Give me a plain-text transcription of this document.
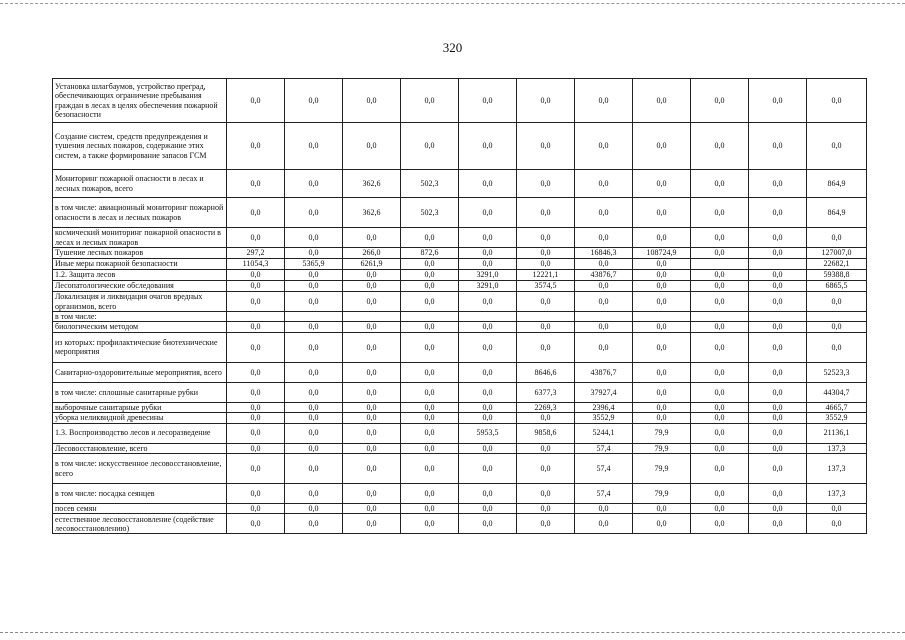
320
Установка шлагбаумов, устройство преград, обеспечивающих ограничение пребывания граждан в лесах в целях обеспечения пожарной безопасности	0,0	0,0	0,0	0,0	0,0	0,0	0,0	0,0	0,0	0,0	0,0
Создание систем, средств предупреждения и тушения лесных пожаров, содержание этих систем, а также формирование запасов ГСМ	0,0	0,0	0,0	0,0	0,0	0,0	0,0	0,0	0,0	0,0	0,0
Мониторинг пожарной опасности в лесах и лесных пожаров, всего	0,0	0,0	362,6	502,3	0,0	0,0	0,0	0,0	0,0	0,0	864,9
в том числе: авиационный мониторинг пожарной опасности в лесах и лесных пожаров	0,0	0,0	362,6	502,3	0,0	0,0	0,0	0,0	0,0	0,0	864,9
космический мониторинг пожарной опасности в лесах и лесных пожаров	0,0	0,0	0,0	0,0	0,0	0,0	0,0	0,0	0,0	0,0	0,0
Тушение лесных пожаров	297,2	0,0	266,0	872,6	0,0	0,0	16846,3	108724,9	0,0	0,0	127007,0
Иные меры пожарной безопасности	11054,3	5365,9	6261,9	0,0	0,0	0,0	0,0	0,0			22682,1
1.2. Защита лесов	0,0	0,0	0,0	0,0	3291,0	12221,1	43876,7	0,0	0,0	0,0	59388,8
Лесопатологические обследования	0,0	0,0	0,0	0,0	3291,0	3574,5	0,0	0,0	0,0	0,0	6865,5
Локализация и ликвидация очагов вредных организмов, всего	0,0	0,0	0,0	0,0	0,0	0,0	0,0	0,0	0,0	0,0	0,0
в том числе:											
биологическим методом	0,0	0,0	0,0	0,0	0,0	0,0	0,0	0,0	0,0	0,0	0,0
из которых: профилактические биотехнические мероприятия	0,0	0,0	0,0	0,0	0,0	0,0	0,0	0,0	0,0	0,0	0,0
Санитарно-оздоровительные мероприятия, всего	0,0	0,0	0,0	0,0	0,0	8646,6	43876,7	0,0	0,0	0,0	52523,3
в том числе: сплошные санитарные рубки	0,0	0,0	0,0	0,0	0,0	6377,3	37927,4	0,0	0,0	0,0	44304,7
выборочные санитарные рубки	0,0	0,0	0,0	0,0	0,0	2269,3	2396,4	0,0	0,0	0,0	4665,7
уборка неликвидной древесины	0,0	0,0	0,0	0,0	0,0	0,0	3552,9	0,0	0,0	0,0	3552,9
1.3. Воспроизводство лесов и лесоразведение	0,0	0,0	0,0	0,0	5953,5	9858,6	5244,1	79,9	0,0	0,0	21136,1
Лесовосстановление, всего	0,0	0,0	0,0	0,0	0,0	0,0	57,4	79,9	0,0	0,0	137,3
в том числе: искусственное лесовосстановление, всего	0,0	0,0	0,0	0,0	0,0	0,0	57,4	79,9	0,0	0,0	137,3
в том числе: посадка сеянцев	0,0	0,0	0,0	0,0	0,0	0,0	57,4	79,9	0,0	0,0	137,3
посев семян	0,0	0,0	0,0	0,0	0,0	0,0	0,0	0,0	0,0	0,0	0,0
естественное лесовосстановление (содействие лесовосстановлению)	0,0	0,0	0,0	0,0	0,0	0,0	0,0	0,0	0,0	0,0	0,0
